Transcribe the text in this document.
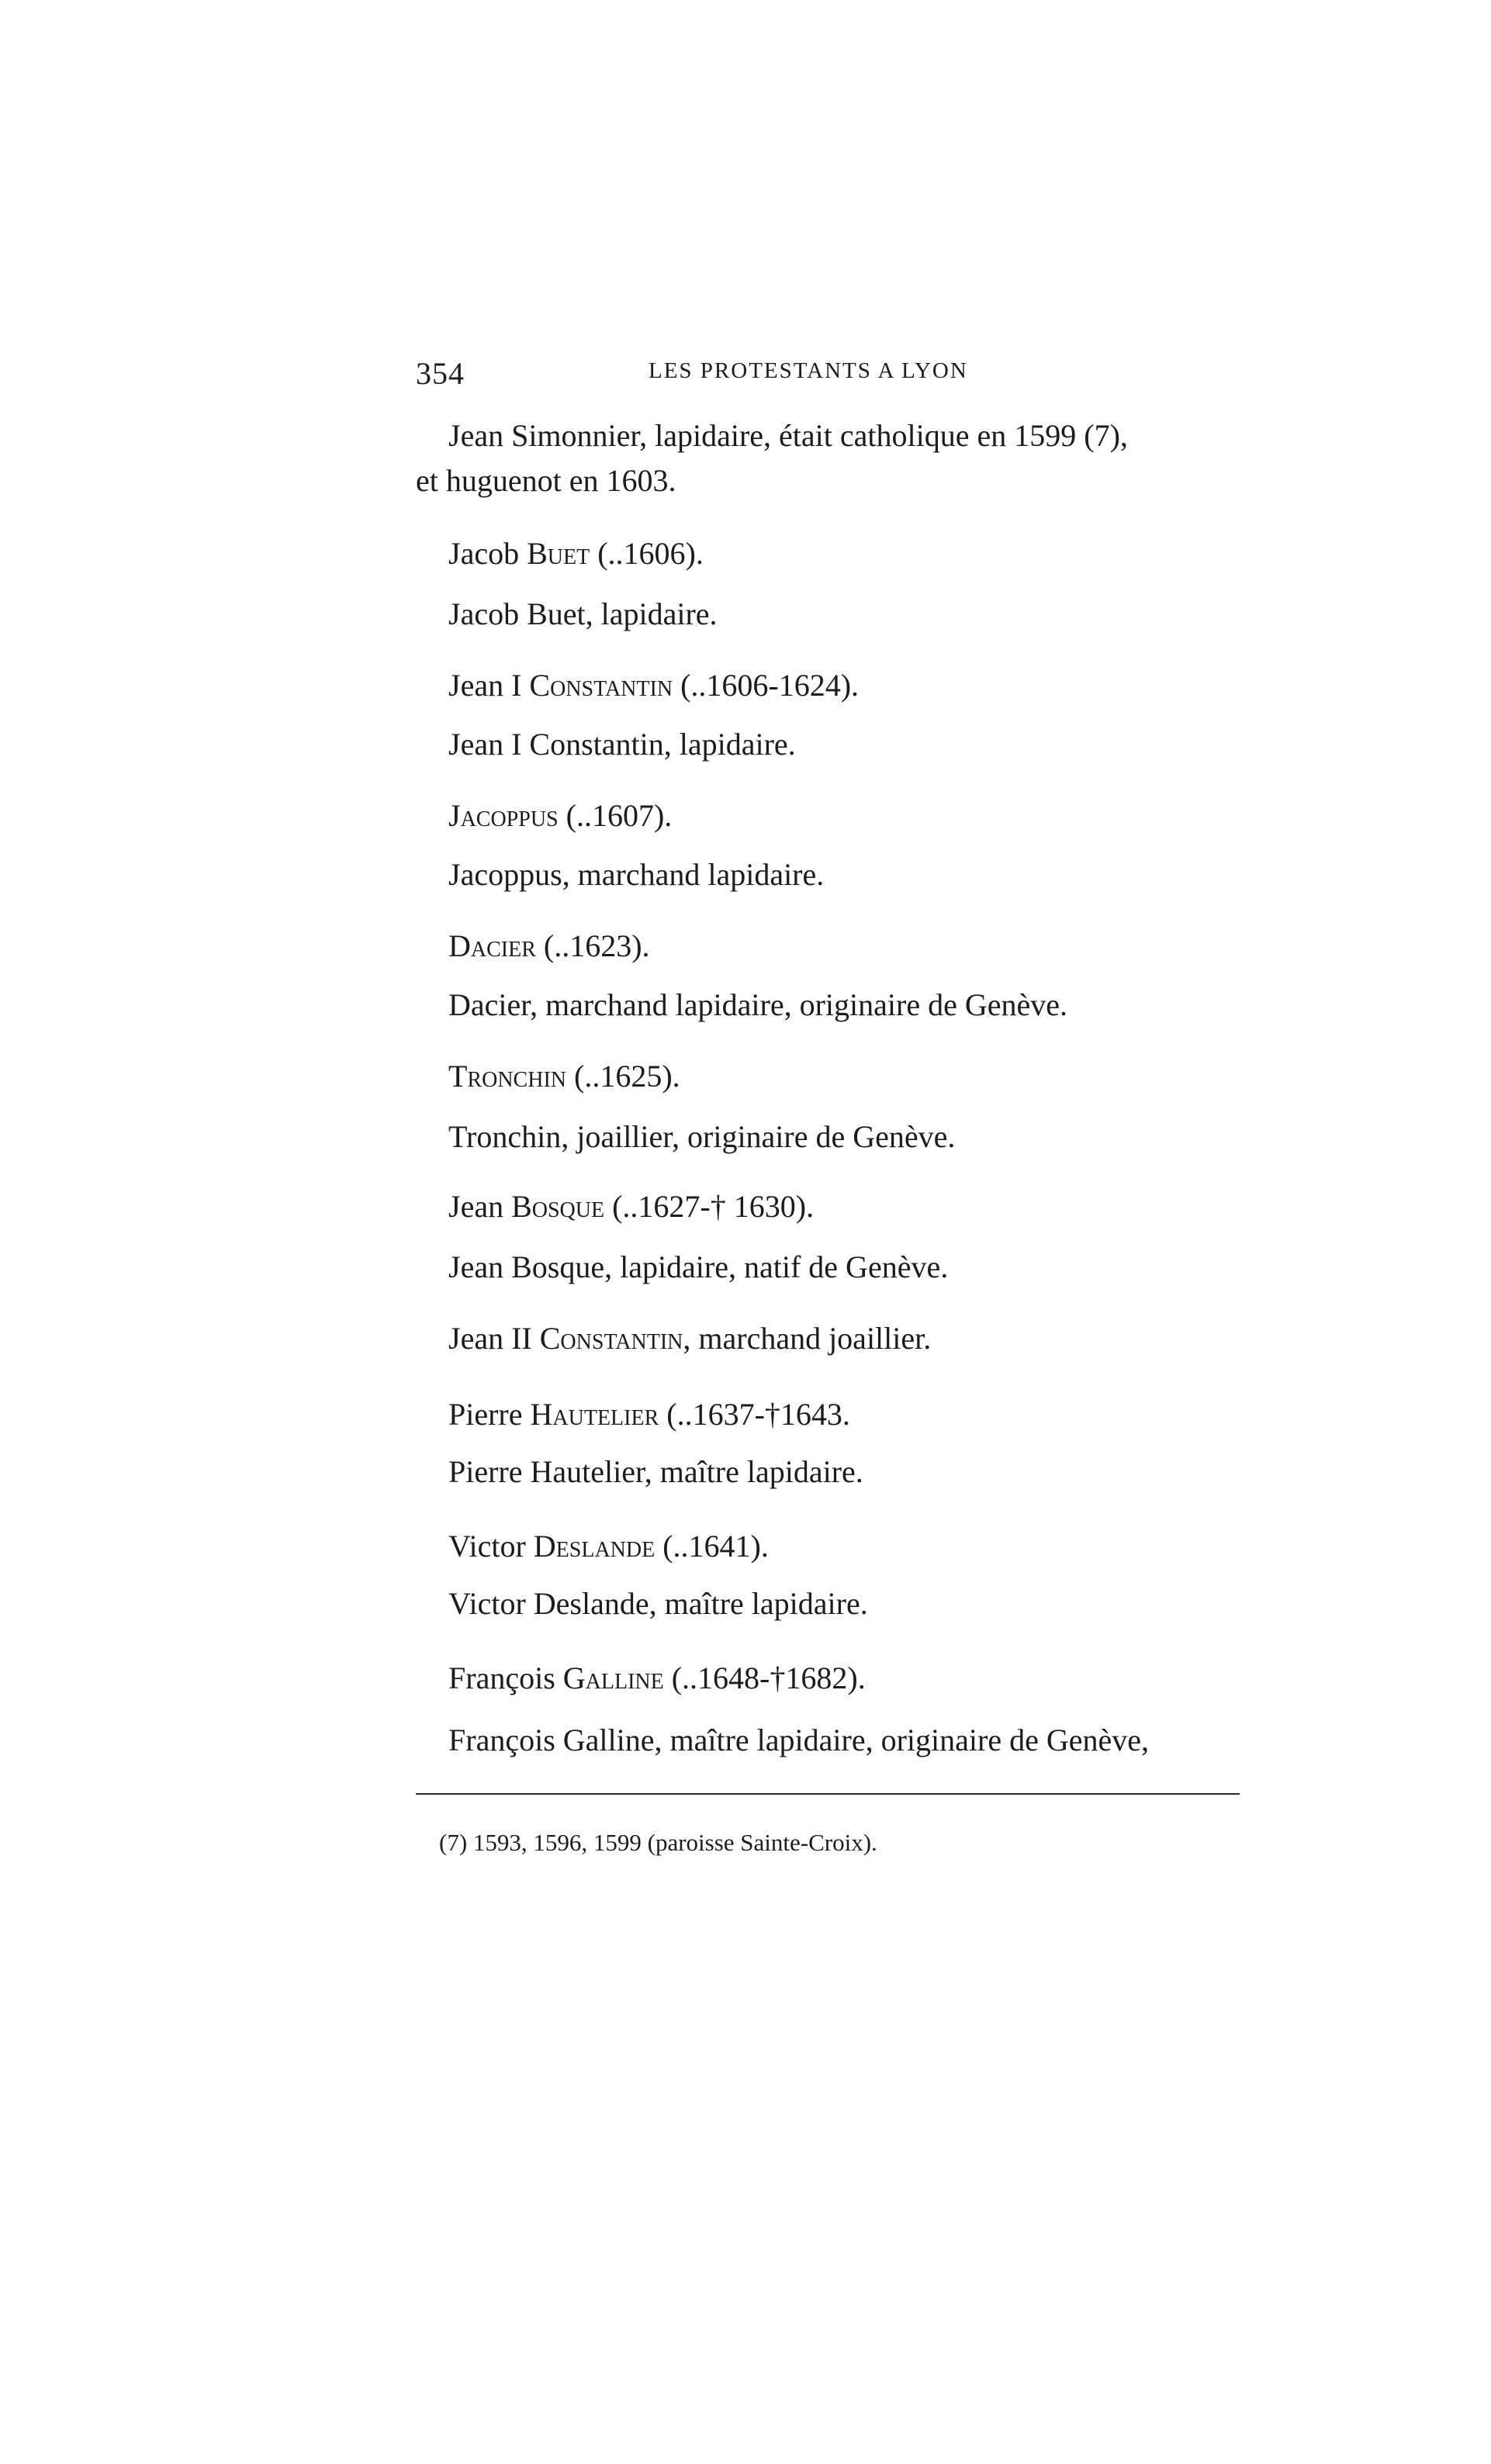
354	LES PROTESTANTS A LYON
Jean Simonnier, lapidaire, était catholique en 1599 (7),
et huguenot en 1603.
Jacob Buet (..1606).
Jacob Buet, lapidaire.
Jean I Constantin (..1606-1624).
Jean I Constantin, lapidaire.
Jacoppus (..1607).
Jacoppus, marchand lapidaire.
Dacier (..1623).
Dacier, marchand lapidaire, originaire de Genève.
Tronchin (..1625).
Tronchin, joaillier, originaire de Genève.
Jean Bosque (..1627-† 1630).
Jean Bosque, lapidaire, natif de Genève.
Jean II Constantin, marchand joaillier.
Pierre Hautelier (..1637-†1643.
Pierre Hautelier, maître lapidaire.
Victor Deslande (..1641).
Victor Deslande, maître lapidaire.
François Galline (..1648-†1682).
François Galline, maître lapidaire, originaire de Genève,
(7) 1593, 1596, 1599 (paroisse Sainte-Croix).
